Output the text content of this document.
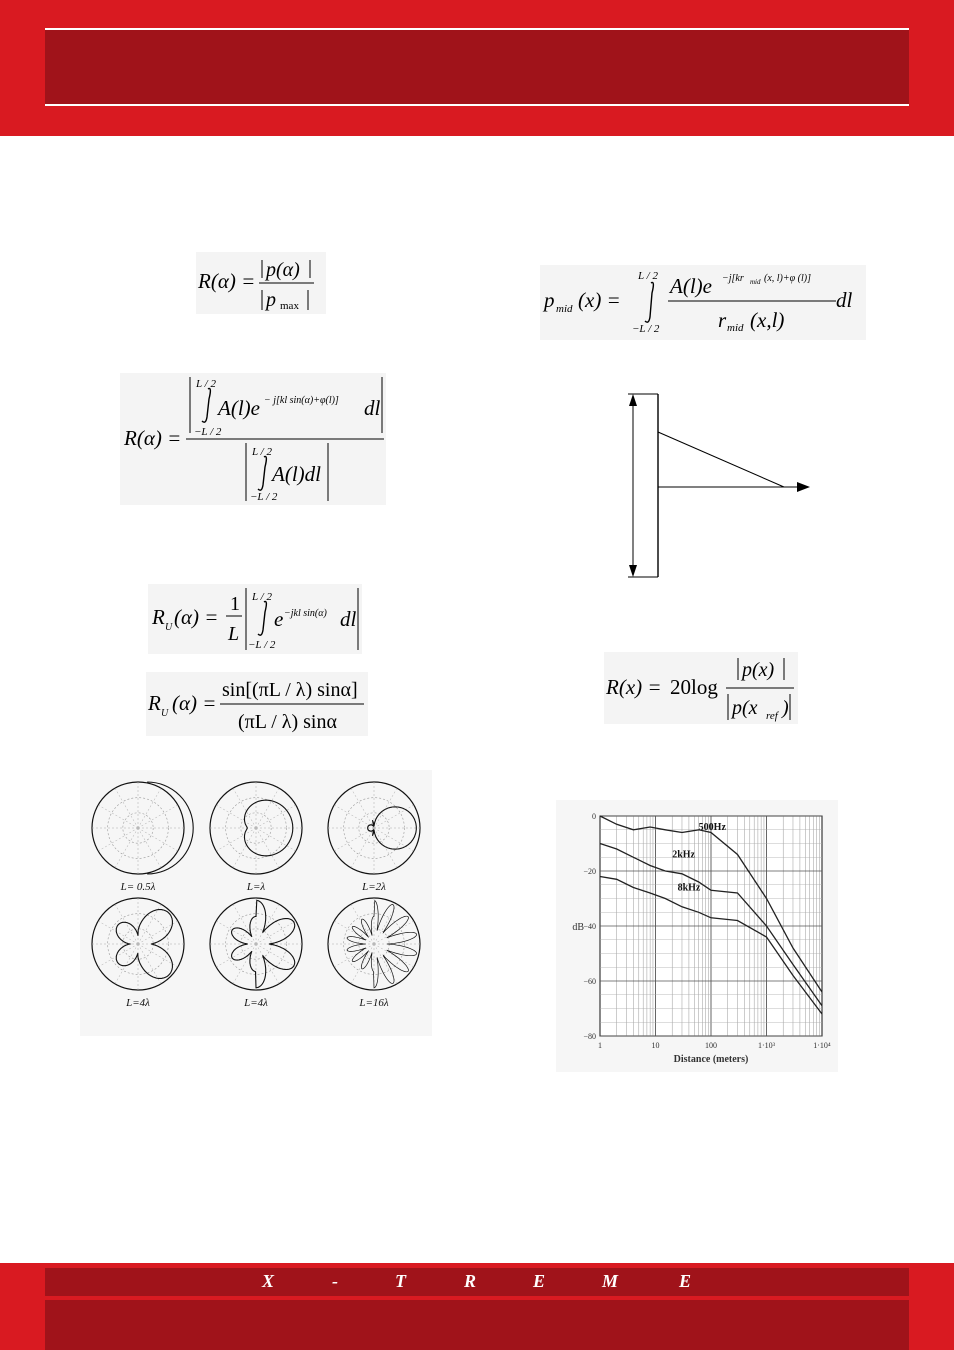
R(α) = p(α)
p max	p mid (x) =
L / 2
−L / 2
A(l)e −j[kr mid (x, l)+φ (l)]
dl
r mid (x,l)
R(α) =
L / 2
−L / 2
A(l)e − j[kl sin(α)+φ(l)] dl
L / 2
−L / 2
A(l)dl
R U (α) =
1
L
L / 2
−L / 2
e −jkl sin(α) dl
R U (α) =
sin[(πL / λ) sinα]
(πL / λ) sinα
R(x) = 20log
p(x)
p(x ref )
L= 0.5λ	L=λ	L=2λ
L=4λ	L=4λ	L=16λ
1	10	100	1·10³	1·10⁴
0
−20
−40
−60
−80
Distance (meters)
dB
500Hz
2kHz
8kHz
X	-	T	R	E	M	E
